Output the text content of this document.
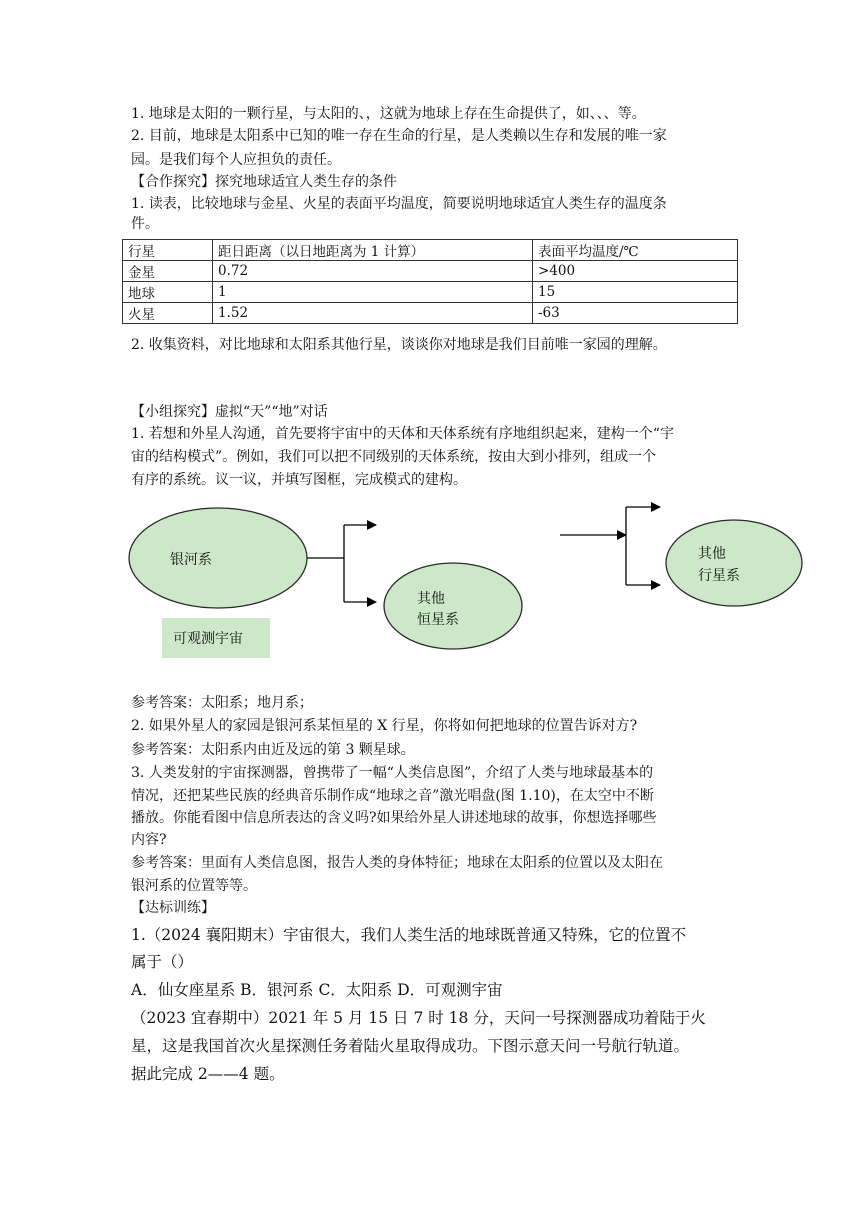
1. 地球是太阳的一颗行星，与太阳的、，这就为地球上存在生命提供了，如、、、等。
2. 目前，地球是太阳系中已知的唯一存在生命的行星，是人类赖以生存和发展的唯一家
园。是我们每个人应担负的责任。
【合作探究】探究地球适宜人类生存的条件
1. 读表，比较地球与金星、火星的表面平均温度，简要说明地球适宜人类生存的温度条
件。
行星	距日距离（以日地距离为 1 计算）	表面平均温度/℃
金星	0.72	>400
地球	1	15
火星	1.52	-63
2. 收集资料，对比地球和太阳系其他行星，谈谈你对地球是我们目前唯一家园的理解。
【小组探究】虚拟“天”“地”对话
1. 若想和外星人沟通，首先要将宇宙中的天体和天体系统有序地组织起来，建构一个“宇
宙的结构模式”。例如，我们可以把不同级别的天体系统，按由大到小排列，组成一个
有序的系统。议一议，并填写图框，完成模式的建构。
银河系
其他
恒星系
可观测宇宙
其他
行星系
参考答案：太阳系；地月系；
2. 如果外星人的家园是银河系某恒星的 X 行星，你将如何把地球的位置告诉对方?
参考答案：太阳系内由近及远的第 3 颗星球。
3. 人类发射的宇宙探测器，曾携带了一幅“人类信息图”，介绍了人类与地球最基本的
情况，还把某些民族的经典音乐制作成“地球之音”激光唱盘(图 1.10)，在太空中不断
播放。你能看图中信息所表达的含义吗?如果给外星人讲述地球的故事，你想选择哪些
内容?
参考答案：里面有人类信息图，报告人类的身体特征；地球在太阳系的位置以及太阳在
银河系的位置等等。
【达标训练】
1.（2024 襄阳期末）宇宙很大，我们人类生活的地球既普通又特殊，它的位置不
属于（）
A．仙女座星系 B．银河系 C．太阳系 D．可观测宇宙
（2023 宜春期中）2021 年 5 月 15 日 7 时 18 分，天问一号探测器成功着陆于火
星，这是我国首次火星探测任务着陆火星取得成功。下图示意天问一号航行轨道。
据此完成 2——4 题。
